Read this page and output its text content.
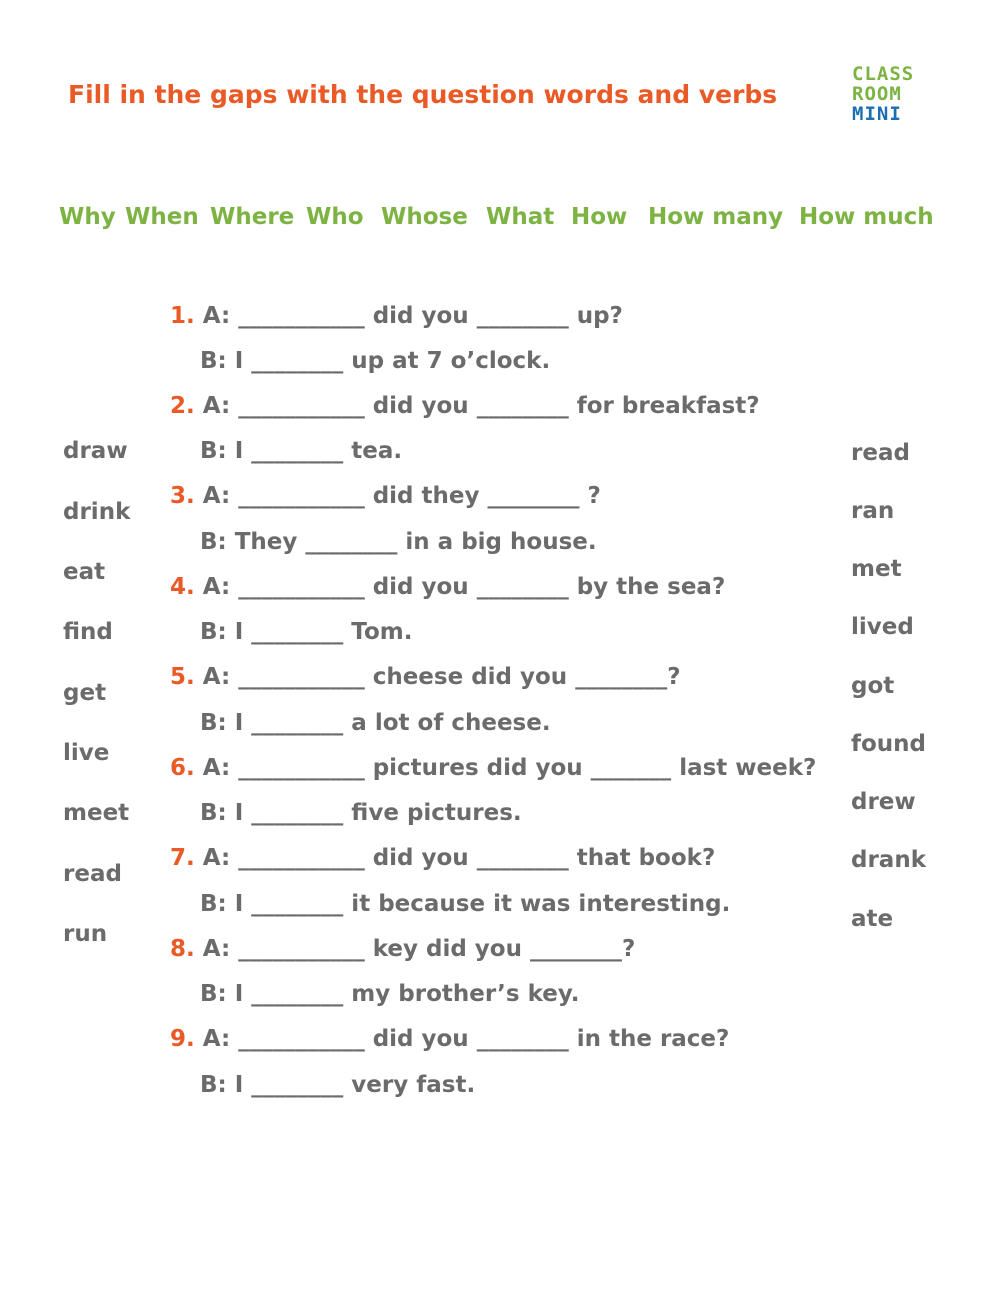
Fill in the gaps with the question words and verbs
CLASS
ROOM
MINI
Why When Where Who Whose What How How many How much
draw
drink
eat
find
get
live
meet
read
run
read
ran
met
lived
got
found
drew
drank
ate
1. A: ___________ did you ________ up?
B: I ________ up at 7 o’clock.
2. A: ___________ did you ________ for breakfast?
B: I ________ tea.
3. A: ___________ did they ________ ?
B: They ________ in a big house.
4. A: ___________ did you ________ by the sea?
B: I ________ Tom.
5. A: ___________ cheese did you ________?
B: I ________ a lot of cheese.
6. A: ___________ pictures did you _______ last week?
B: I ________ five pictures.
7. A: ___________ did you ________ that book?
B: I ________ it because it was interesting.
8. A: ___________ key did you ________?
B: I ________ my brother’s key.
9. A: ___________ did you ________ in the race?
B: I ________ very fast.
